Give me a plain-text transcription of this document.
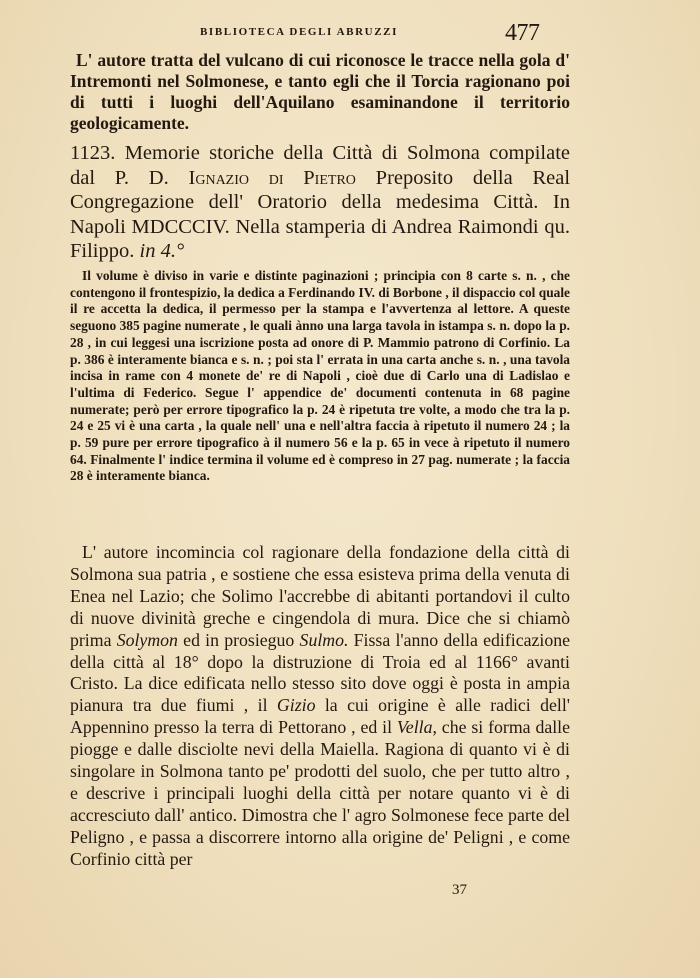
BIBLIOTECA DEGLI ABRUZZI	477

L' autore tratta del vulcano di cui riconosce le tracce nella gola d' Intremonti nel Solmonese, e tanto egli che il Torcia ragionano poi di tutti i luoghi dell'Aquilano esaminandone il territorio geologicamente.

1123. Memorie storiche della Città di Solmona compilate dal P. D. Ignazio di Pietro Preposito della Real Congregazione dell' Oratorio della medesima Città. In Napoli MDCCCIV. Nella stamperia di Andrea Raimondi qu. Filippo. in 4.°

Il volume è diviso in varie e distinte paginazioni ; principia con 8 carte s. n. , che contengono il frontespizio, la dedica a Ferdinando IV. di Borbone , il dispaccio col quale il re accetta la dedica, il permesso per la stampa e l'avvertenza al lettore. A queste seguono 385 pagine numerate , le quali ànno una larga tavola in istampa s. n. dopo la p. 28 , in cui leggesi una iscrizione posta ad onore di P. Mammio patrono di Corfinio. La p. 386 è interamente bianca e s. n. ; poi sta l' errata in una carta anche s. n. , una tavola incisa in rame con 4 monete de' re di Napoli , cioè due di Carlo una di Ladislao e l'ultima di Federico. Segue l' appendice de' documenti contenuta in 68 pagine numerate; però per errore tipografico la p. 24 è ripetuta tre volte, a modo che tra la p. 24 e 25 vi è una carta , la quale nell' una e nell'altra faccia à ripetuto il numero 24 ; la p. 59 pure per errore tipografico à il numero 56 e la p. 65 in vece à ripetuto il numero 64. Finalmente l' indice termina il volume ed è compreso in 27 pag. numerate ; la faccia 28 è interamente bianca.

L' autore incomincia col ragionare della fondazione della città di Solmona sua patria , e sostiene che essa esisteva prima della venuta di Enea nel Lazio; che Solimo l'accrebbe di abitanti portandovi il culto di nuove divinità greche e cingendola di mura. Dice che si chiamò prima Solymon ed in prosieguo Sulmo. Fissa l'anno della edificazione della città al 18° dopo la distruzione di Troia ed al 1166° avanti Cristo. La dice edificata nello stesso sito dove oggi è posta in ampia pianura tra due fiumi , il Gizio la cui origine è alle radici dell' Appennino presso la terra di Pettorano , ed il Vella, che si forma dalle piogge e dalle disciolte nevi della Maiella. Ragiona di quanto vi è di singolare in Solmona tanto pe' prodotti del suolo, che per tutto altro , e descrive i principali luoghi della città per notare quanto vi è di accresciuto dall' antico. Dimostra che l' agro Solmonese fece parte del Peligno , e passa a discorrere intorno alla origine de' Peligni , e come Corfinio città per

37
